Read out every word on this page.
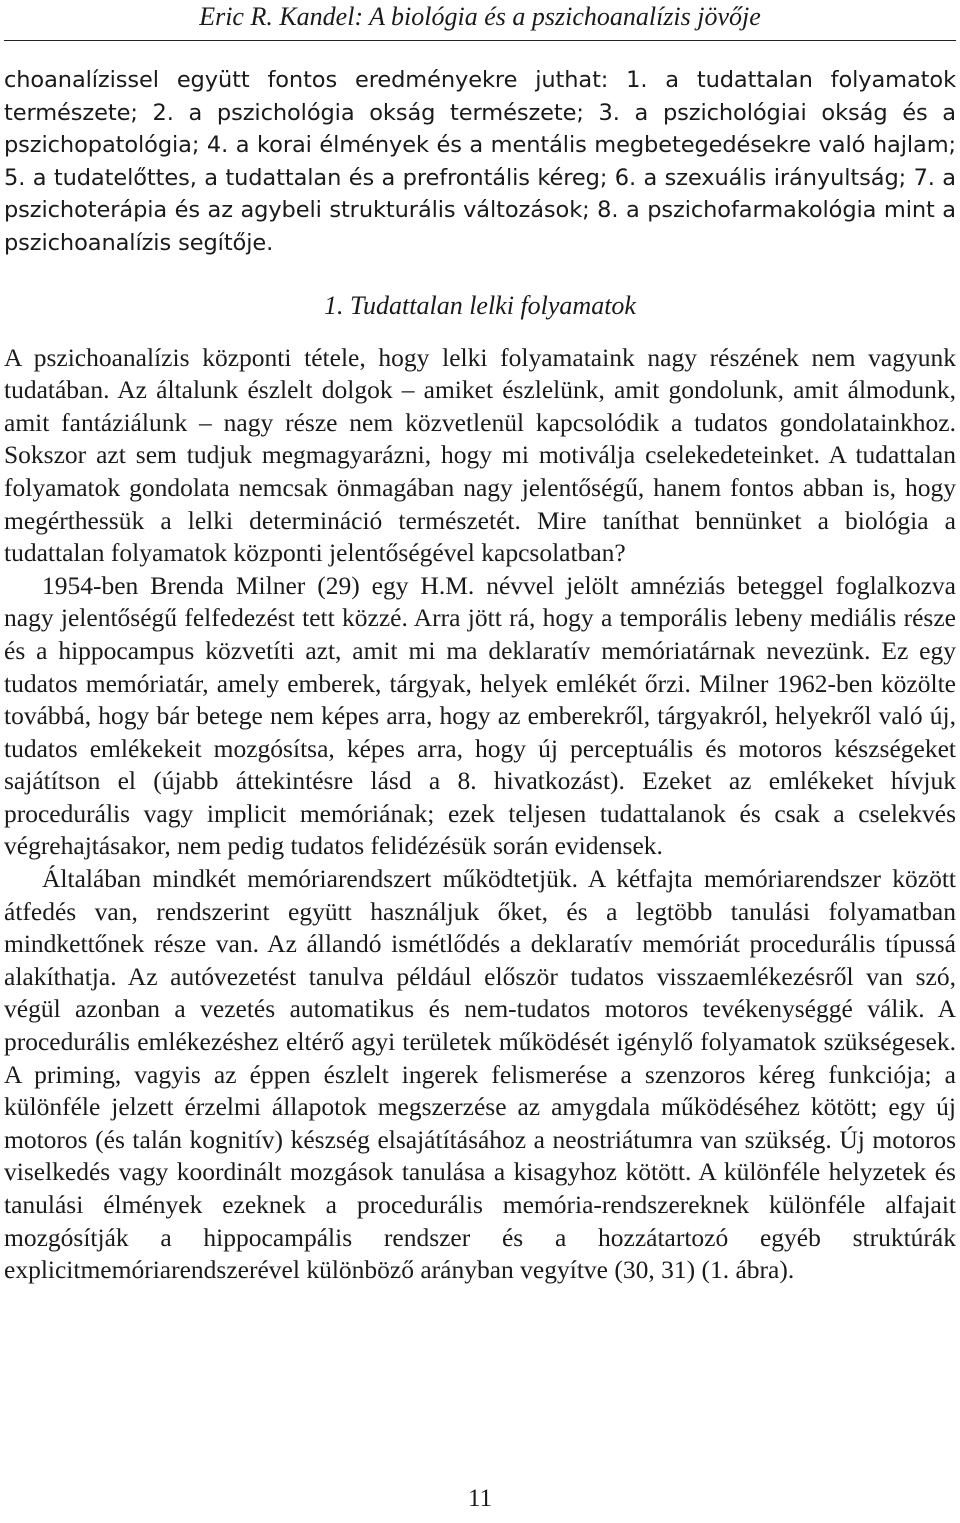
Eric R. Kandel: A biológia és a pszichoanalízis jövője

choanalízissel együtt fontos eredményekre juthat: 1. a tudattalan folyamatok természete; 2. a pszichológia okság természete; 3. a pszichológiai okság és a pszichopatológia; 4. a korai élmények és a mentális megbetegedésekre való hajlam; 5. a tudatelőttes, a tudattalan és a prefrontális kéreg; 6. a szexuális irányultság; 7. a pszichoterápia és az agybeli strukturális változások; 8. a pszichofarmakológia mint a pszichoanalízis segítője.

1. Tudattalan lelki folyamatok

A pszichoanalízis központi tétele, hogy lelki folyamataink nagy részének nem vagyunk tudatában. Az általunk észlelt dolgok – amiket észlelünk, amit gondolunk, amit álmodunk, amit fantáziálunk – nagy része nem közvetlenül kapcsolódik a tudatos gondolatainkhoz. Sokszor azt sem tudjuk megmagyarázni, hogy mi motiválja cselekedeteinket. A tudattalan folyamatok gondolata nemcsak önmagában nagy jelentőségű, hanem fontos abban is, hogy megérthessük a lelki determináció természetét. Mire taníthat bennünket a biológia a tudattalan folyamatok központi jelentőségével kapcsolatban?

1954-ben Brenda Milner (29) egy H.M. névvel jelölt amnéziás beteggel foglalkozva nagy jelentőségű felfedezést tett közzé. Arra jött rá, hogy a temporális lebeny mediális része és a hippocampus közvetíti azt, amit mi ma deklaratív memóriatárnak nevezünk. Ez egy tudatos memóriatár, amely emberek, tárgyak, helyek emlékét őrzi. Milner 1962-ben közölte továbbá, hogy bár betege nem képes arra, hogy az emberekről, tárgyakról, helyekről való új, tudatos emlékekeit mozgósítsa, képes arra, hogy új perceptuális és motoros készségeket sajátítson el (újabb áttekintésre lásd a 8. hivatkozást). Ezeket az emlékeket hívjuk procedurális vagy implicit memóriának; ezek teljesen tudattalanok és csak a cselekvés végrehajtásakor, nem pedig tudatos felidézésük során evidensek.

Általában mindkét memóriarendszert működtetjük. A kétfajta memóriarendszer között átfedés van, rendszerint együtt használjuk őket, és a legtöbb tanulási folyamatban mindkettőnek része van. Az állandó ismétlődés a deklaratív memóriát procedurális típussá alakíthatja. Az autóvezetést tanulva például először tudatos visszaemlékezésről van szó, végül azonban a vezetés automatikus és nem-tudatos motoros tevékenységgé válik. A procedurális emlékezéshez eltérő agyi területek működését igénylő folyamatok szükségesek. A priming, vagyis az éppen észlelt ingerek felismerése a szenzoros kéreg funkciója; a különféle jelzett érzelmi állapotok megszerzése az amygdala működéséhez kötött; egy új motoros (és talán kognitív) készség elsajátításához a neostriátumra van szükség. Új motoros viselkedés vagy koordinált mozgások tanulása a kisagyhoz kötött. A különféle helyzetek és tanulási élmények ezeknek a procedurális memória-rendszereknek különféle alfajait mozgósítják a hippocampális rendszer és a hozzátartozó egyéb struktúrák explicitmemóriarendszerével különböző arányban vegyítve (30, 31) (1. ábra).

11
